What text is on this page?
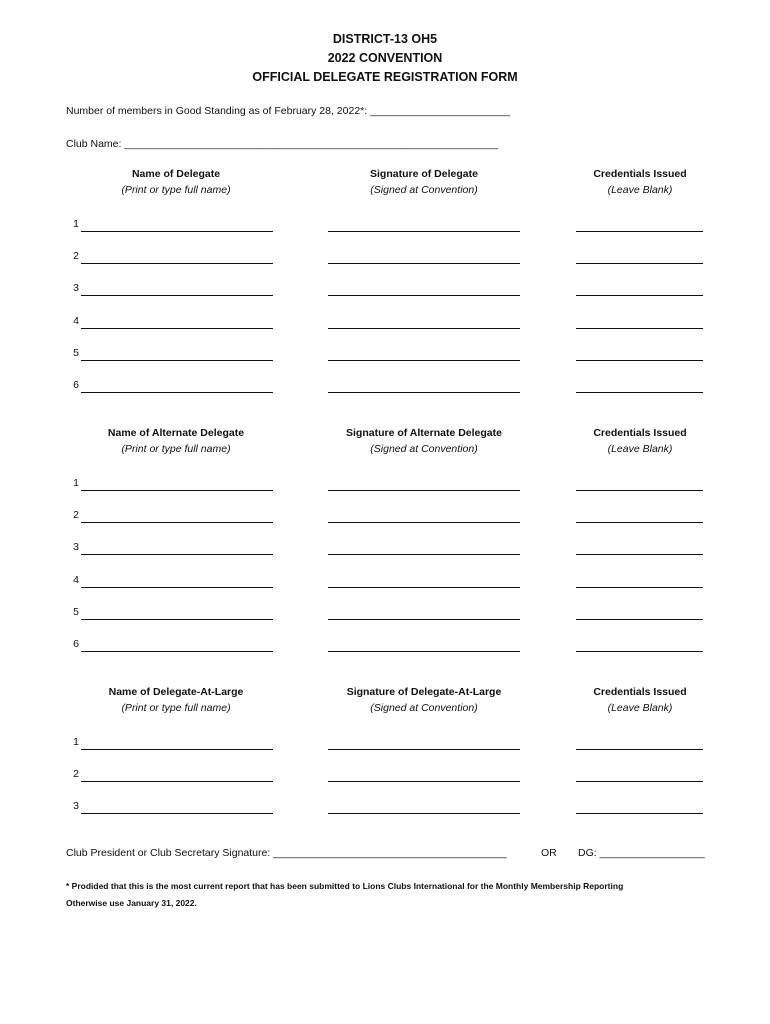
DISTRICT-13 OH5
2022 CONVENTION
OFFICIAL DELEGATE REGISTRATION FORM
Number of members in Good Standing as of February 28, 2022*: ________________________
Club Name: ________________________________________________________________
Name of Delegate
(Print or type full name)
Signature of Delegate
(Signed at Convention)
Credentials Issued
(Leave Blank)
1
2
3
4
5
6
Name of Alternate Delegate
(Print or type full name)
Signature of Alternate Delegate
(Signed at Convention)
Credentials Issued
(Leave Blank)
1
2
3
4
5
6
Name of Delegate-At-Large
(Print or type full name)
Signature of Delegate-At-Large
(Signed at Convention)
Credentials Issued
(Leave Blank)
1
2
3
Club President or Club Secretary Signature: ________________________________________	OR DG: __________________
* Prodided that this is the most current report that has been submitted to Lions Clubs International for the Monthly Membership Reporting
Otherwise use January 31, 2022.
